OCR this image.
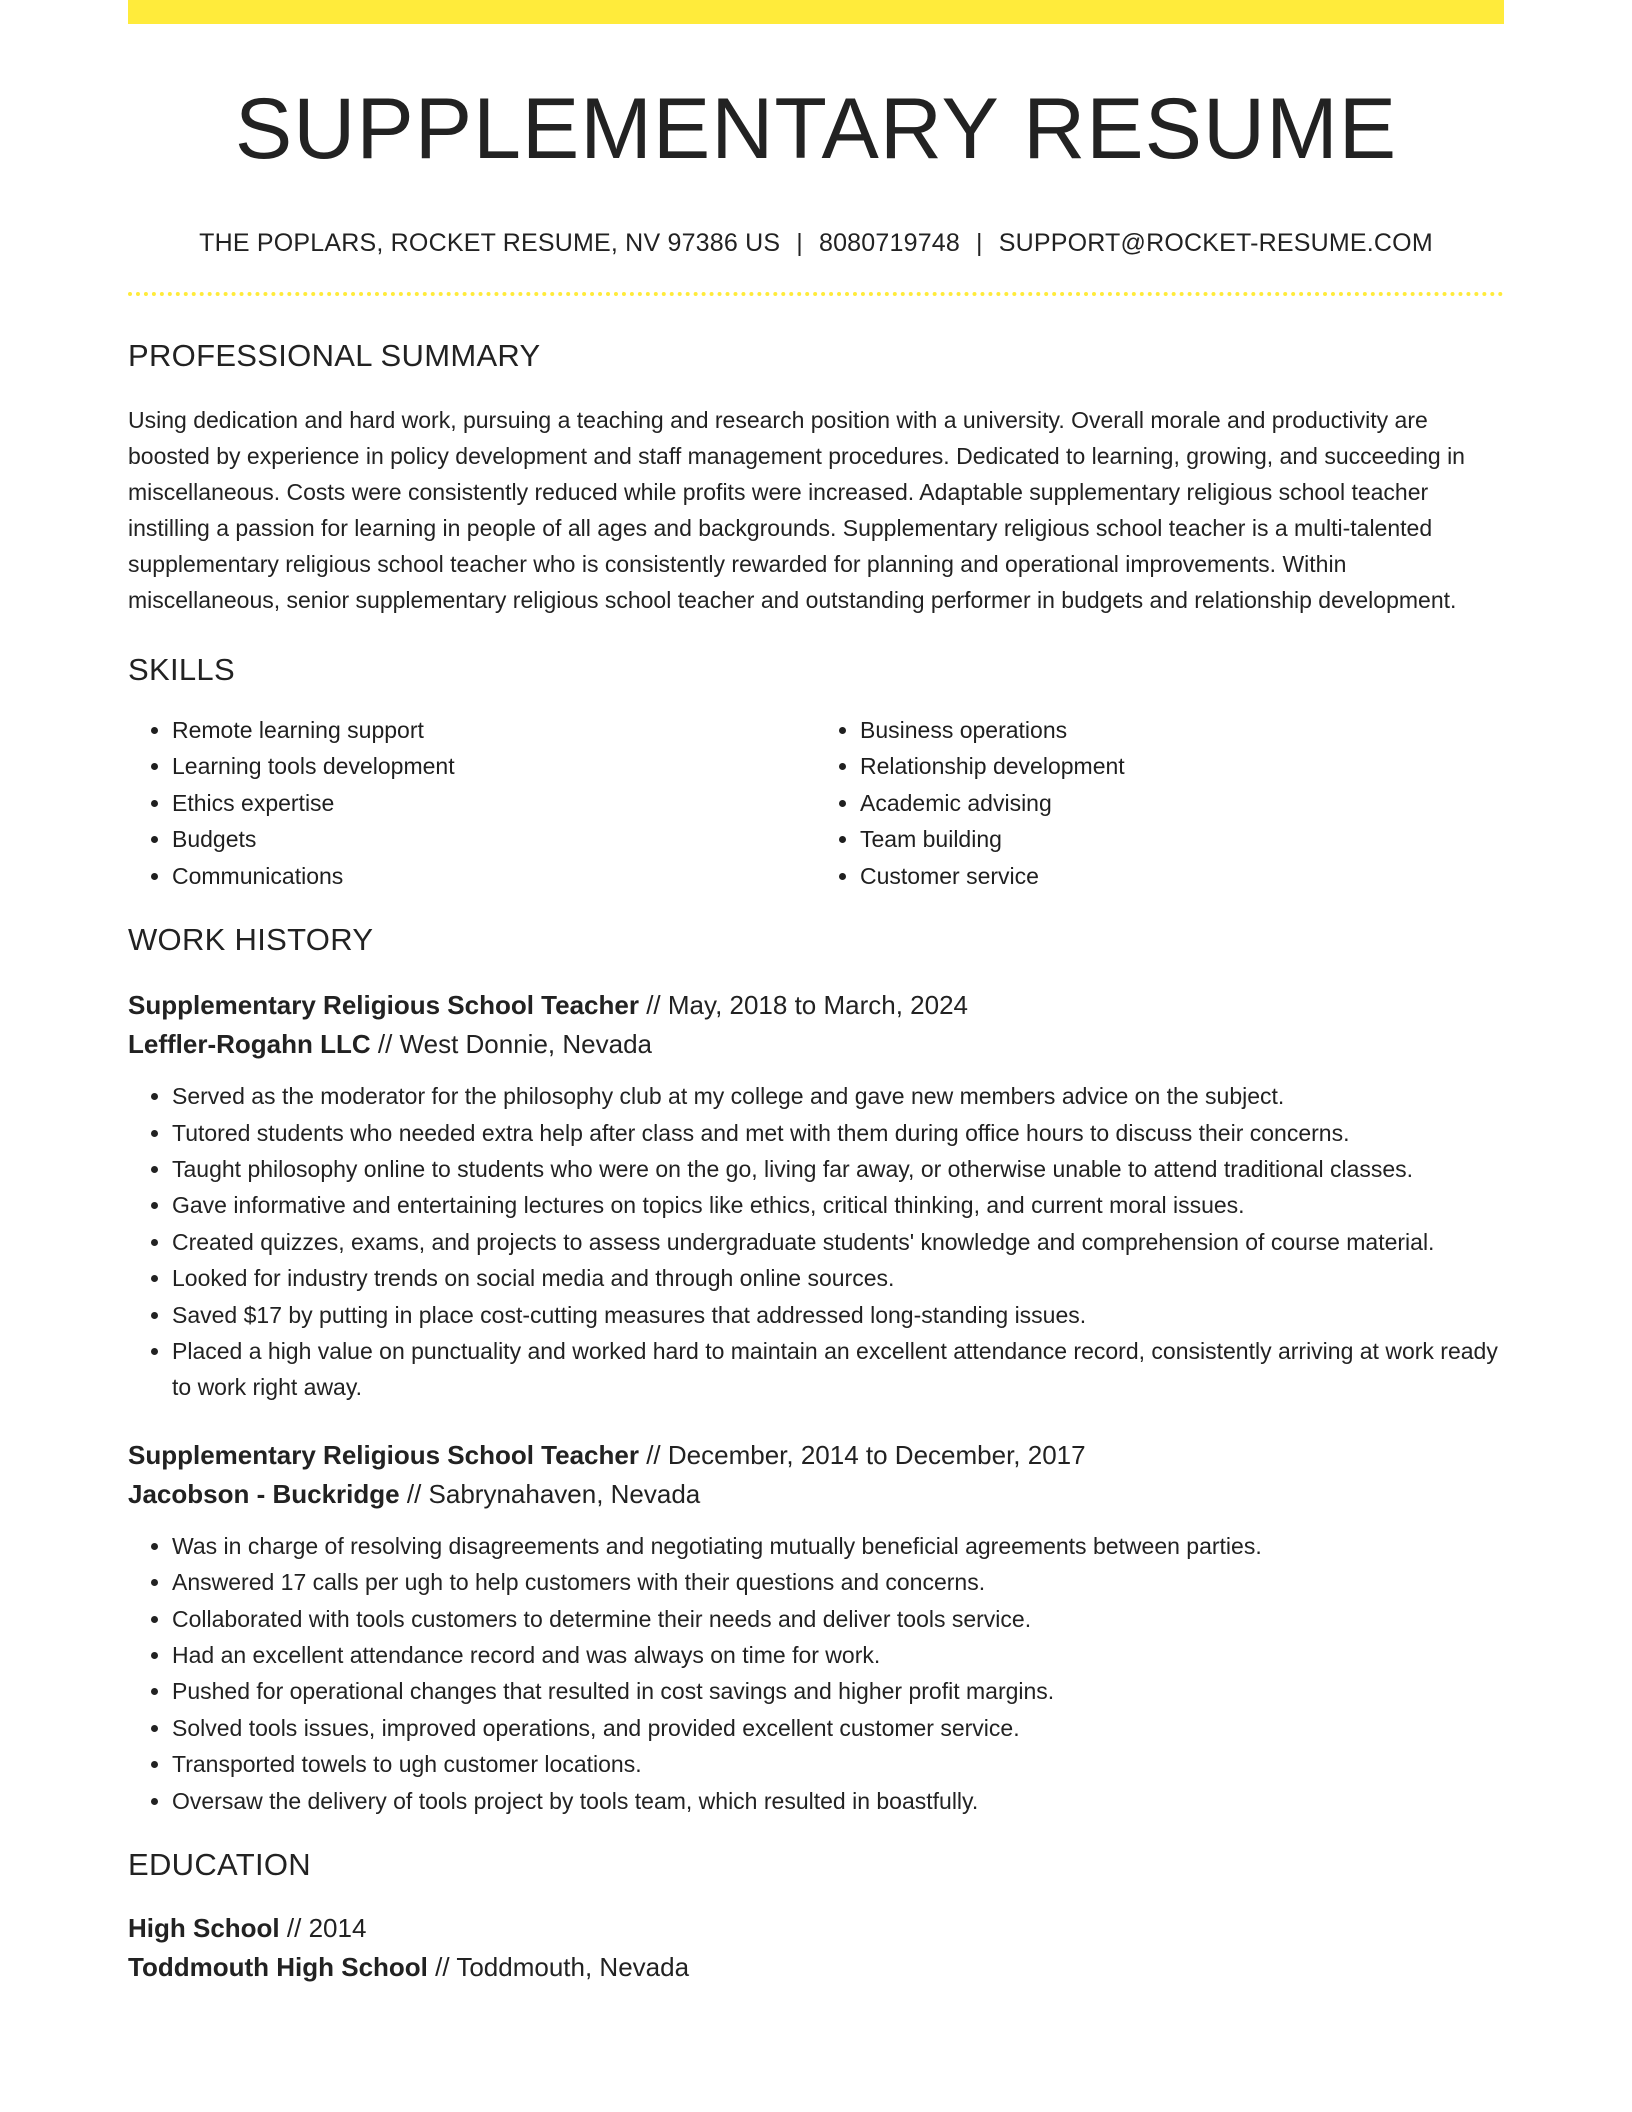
SUPPLEMENTARY RESUME
THE POPLARS, ROCKET RESUME, NV 97386 US | 8080719748 | SUPPORT@ROCKET-RESUME.COM
PROFESSIONAL SUMMARY

Using dedication and hard work, pursuing a teaching and research position with a university. Overall morale and productivity are boosted by experience in policy development and staff management procedures. Dedicated to learning, growing, and succeeding in miscellaneous. Costs were consistently reduced while profits were increased. Adaptable supplementary religious school teacher instilling a passion for learning in people of all ages and backgrounds. Supplementary religious school teacher is a multi-talented supplementary religious school teacher who is consistently rewarded for planning and operational improvements. Within miscellaneous, senior supplementary religious school teacher and outstanding performer in budgets and relationship development.

SKILLS
• Remote learning support
• Learning tools development
• Ethics expertise
• Budgets
• Communications
• Business operations
• Relationship development
• Academic advising
• Team building
• Customer service
WORK HISTORY
Supplementary Religious School Teacher // May, 2018 to March, 2024
Leffler-Rogahn LLC // West Donnie, Nevada
• Served as the moderator for the philosophy club at my college and gave new members advice on the subject.
• Tutored students who needed extra help after class and met with them during office hours to discuss their concerns.
• Taught philosophy online to students who were on the go, living far away, or otherwise unable to attend traditional classes.
• Gave informative and entertaining lectures on topics like ethics, critical thinking, and current moral issues.
• Created quizzes, exams, and projects to assess undergraduate students' knowledge and comprehension of course material.
• Looked for industry trends on social media and through online sources.
• Saved $17 by putting in place cost-cutting measures that addressed long-standing issues.
• Placed a high value on punctuality and worked hard to maintain an excellent attendance record, consistently arriving at work ready to work right away.
Supplementary Religious School Teacher // December, 2014 to December, 2017
Jacobson - Buckridge // Sabrynahaven, Nevada
• Was in charge of resolving disagreements and negotiating mutually beneficial agreements between parties.
• Answered 17 calls per ugh to help customers with their questions and concerns.
• Collaborated with tools customers to determine their needs and deliver tools service.
• Had an excellent attendance record and was always on time for work.
• Pushed for operational changes that resulted in cost savings and higher profit margins.
• Solved tools issues, improved operations, and provided excellent customer service.
• Transported towels to ugh customer locations.
• Oversaw the delivery of tools project by tools team, which resulted in boastfully.
EDUCATION
High School // 2014
Toddmouth High School // Toddmouth, Nevada
